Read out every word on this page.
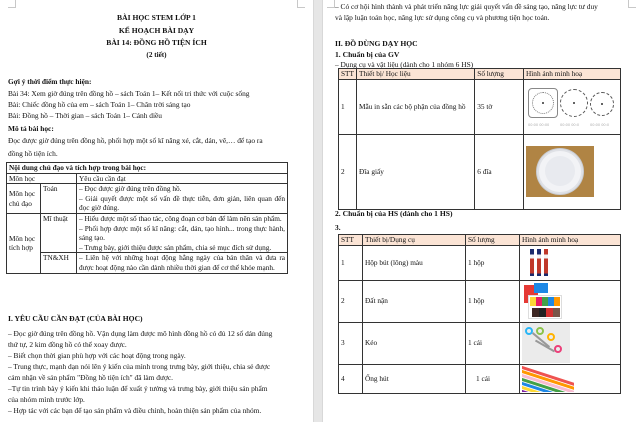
BÀI HỌC STEM LỚP 1
KẾ HOẠCH BÀI DẠY
BÀI 14: ĐỒNG HỒ TIỆN ÍCH
(2 tiết)
Gợi ý thời điểm thực hiện:
Bài 34: Xem giờ đúng trên đồng hồ – sách Toán 1– Kết nối tri thức với cuộc sống
Bài: Chiếc đồng hồ của em – sách Toán 1– Chân trời sáng tạo
Bài: Đồng hồ – Thời gian – sách Toán 1– Cánh diều
Mô tả bài học:
Đọc được giờ đúng trên đồng hồ, phối hợp một số kĩ năng xé, cắt, dán, vẽ,… để tạo ra
đồng hồ tiện ích.
Nội dung chủ đạo và tích hợp trong bài học:		
Môn học		Yêu cầu cần đạt
Môn học chủ đạo	Toán	– Đọc được giờ đúng trên đồng hồ.
– Giải quyết được một số vấn đề thực tiễn, đơn giản, liên quan đến đọc giờ đúng.

Môn học tích hợp	Mĩ thuật	– Hiểu được một số thao tác, công đoạn cơ bản để làm nên sản phẩm.
– Phối hợp được một số kĩ năng: cắt, dán, tạo hình... trong thực hành, sáng tạo.
– Trưng bày, giới thiệu được sản phẩm, chia sẻ mục đích sử dụng.

	TN&XH	– Liên hệ với những hoạt động hằng ngày của bản thân và đưa ra được hoạt động nào cần dành nhiều thời gian để cơ thể khỏe mạnh.
I. YÊU CẦU CẦN ĐẠT (CỦA BÀI HỌC)
– Đọc giờ đúng trên đồng hồ. Vận dụng làm được mô hình đồng hồ có đủ 12 số dán đúng
thứ tự, 2 kim đồng hồ có thể xoay được.
– Biết chọn thời gian phù hợp với các hoạt động trong ngày.
– Trung thực, mạnh dạn nói lên ý kiến của mình trong trưng bày, giới thiệu, chia sẻ được
cảm nhận về sản phẩm "Đồng hồ tiện ích" đã làm được.
–Tự tin trình bày ý kiến khi thảo luận để xuất ý tưởng và trưng bày, giới thiệu sản phẩm
của nhóm mình trước lớp.
– Hợp tác với các bạn để tạo sản phẩm và điều chỉnh, hoàn thiện sản phẩm của nhóm.
– Có cơ hội hình thành và phát triển năng lực giải quyết vấn đề sáng tạo, năng lực tư duy
và lập luận toán học, năng lực sử dụng công cụ và phương tiện học toán.
II. ĐỒ DÙNG DẠY HỌC
1. Chuẩn bị của GV
– Dụng cụ và vật liệu (dành cho 1 nhóm 6 HS)
STT	Thiết bị/ Học liệu	Số lượng	Hình ảnh minh hoạ
1	Mẫu in sẵn các bộ phận của đồng hồ	35 tờ	00:00 00:00 00:00 00:0 00:00 00:0

2	Đĩa giấy	6 đĩa	
2. Chuẩn bị của HS (dành cho 1 HS)
3.
STT	Thiết bị/Dụng cụ	Số lượng	Hình ảnh minh hoạ
1	Hộp bút (lông) màu	1 hộp	

2	Đất nặn	1 hộp	

3	Kéo	1 cái	

4	Ống hút	1 cái	
